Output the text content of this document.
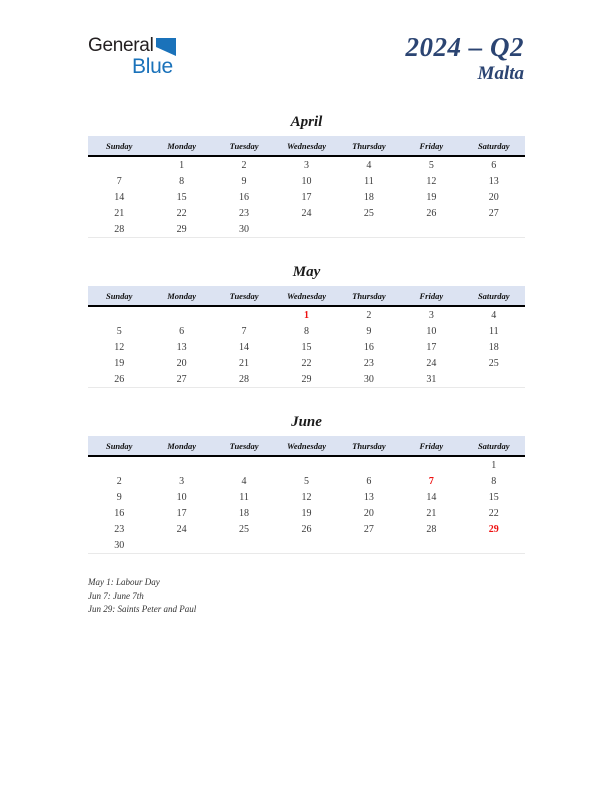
General
Blue
2024 – Q2
Malta
April
Sunday	Monday	Tuesday	Wednesday	Thursday	Friday	Saturday
	1	2	3	4	5	6
7	8	9	10	11	12	13
14	15	16	17	18	19	20
21	22	23	24	25	26	27
28	29	30				
May
Sunday	Monday	Tuesday	Wednesday	Thursday	Friday	Saturday
			1	2	3	4
5	6	7	8	9	10	11
12	13	14	15	16	17	18
19	20	21	22	23	24	25
26	27	28	29	30	31	
June
Sunday	Monday	Tuesday	Wednesday	Thursday	Friday	Saturday
						1
2	3	4	5	6	7	8
9	10	11	12	13	14	15
16	17	18	19	20	21	22
23	24	25	26	27	28	29
30						
May 1: Labour Day
Jun 7: June 7th
Jun 29: Saints Peter and Paul
